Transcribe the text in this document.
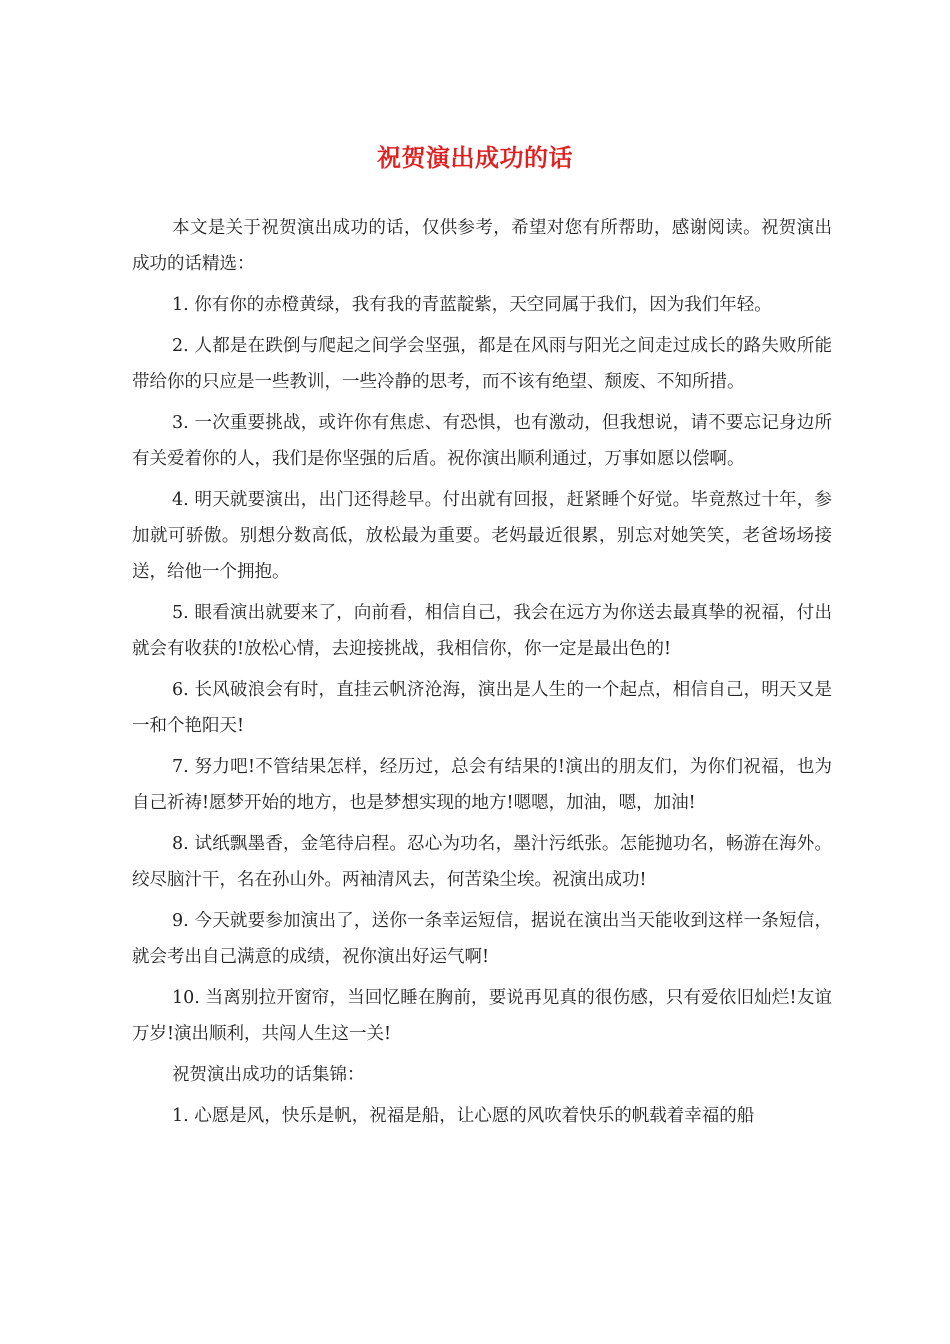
祝贺演出成功的话

本文是关于祝贺演出成功的话，仅供参考，希望对您有所帮助，感谢阅读。祝贺演出成功的话精选：

1. 你有你的赤橙黄绿，我有我的青蓝靛紫，天空同属于我们，因为我们年轻。

2. 人都是在跌倒与爬起之间学会坚强，都是在风雨与阳光之间走过成长的路失败所能带给你的只应是一些教训，一些冷静的思考，而不该有绝望、颓废、不知所措。

3. 一次重要挑战，或许你有焦虑、有恐惧，也有激动，但我想说，请不要忘记身边所有关爱着你的人，我们是你坚强的后盾。祝你演出顺利通过，万事如愿以偿啊。

4. 明天就要演出，出门还得趁早。付出就有回报，赶紧睡个好觉。毕竟熬过十年，参加就可骄傲。别想分数高低，放松最为重要。老妈最近很累，别忘对她笑笑，老爸场场接送，给他一个拥抱。

5. 眼看演出就要来了，向前看，相信自己，我会在远方为你送去最真挚的祝福，付出就会有收获的!放松心情，去迎接挑战，我相信你，你一定是最出色的!

6. 长风破浪会有时，直挂云帆济沧海，演出是人生的一个起点，相信自己，明天又是一和个艳阳天!

7. 努力吧!不管结果怎样，经历过，总会有结果的!演出的朋友们，为你们祝福，也为自己祈祷!愿梦开始的地方，也是梦想实现的地方!嗯嗯，加油，嗯，加油!

8. 试纸飘墨香，金笔待启程。忍心为功名，墨汁污纸张。怎能抛功名，畅游在海外。绞尽脑汁干，名在孙山外。两袖清风去，何苦染尘埃。祝演出成功!

9. 今天就要参加演出了，送你一条幸运短信，据说在演出当天能收到这样一条短信，就会考出自己满意的成绩，祝你演出好运气啊!

10. 当离别拉开窗帘，当回忆睡在胸前，要说再见真的很伤感，只有爱依旧灿烂!友谊万岁!演出顺利，共闯人生这一关!

祝贺演出成功的话集锦：

1. 心愿是风，快乐是帆，祝福是船，让心愿的风吹着快乐的帆载着幸福的船
